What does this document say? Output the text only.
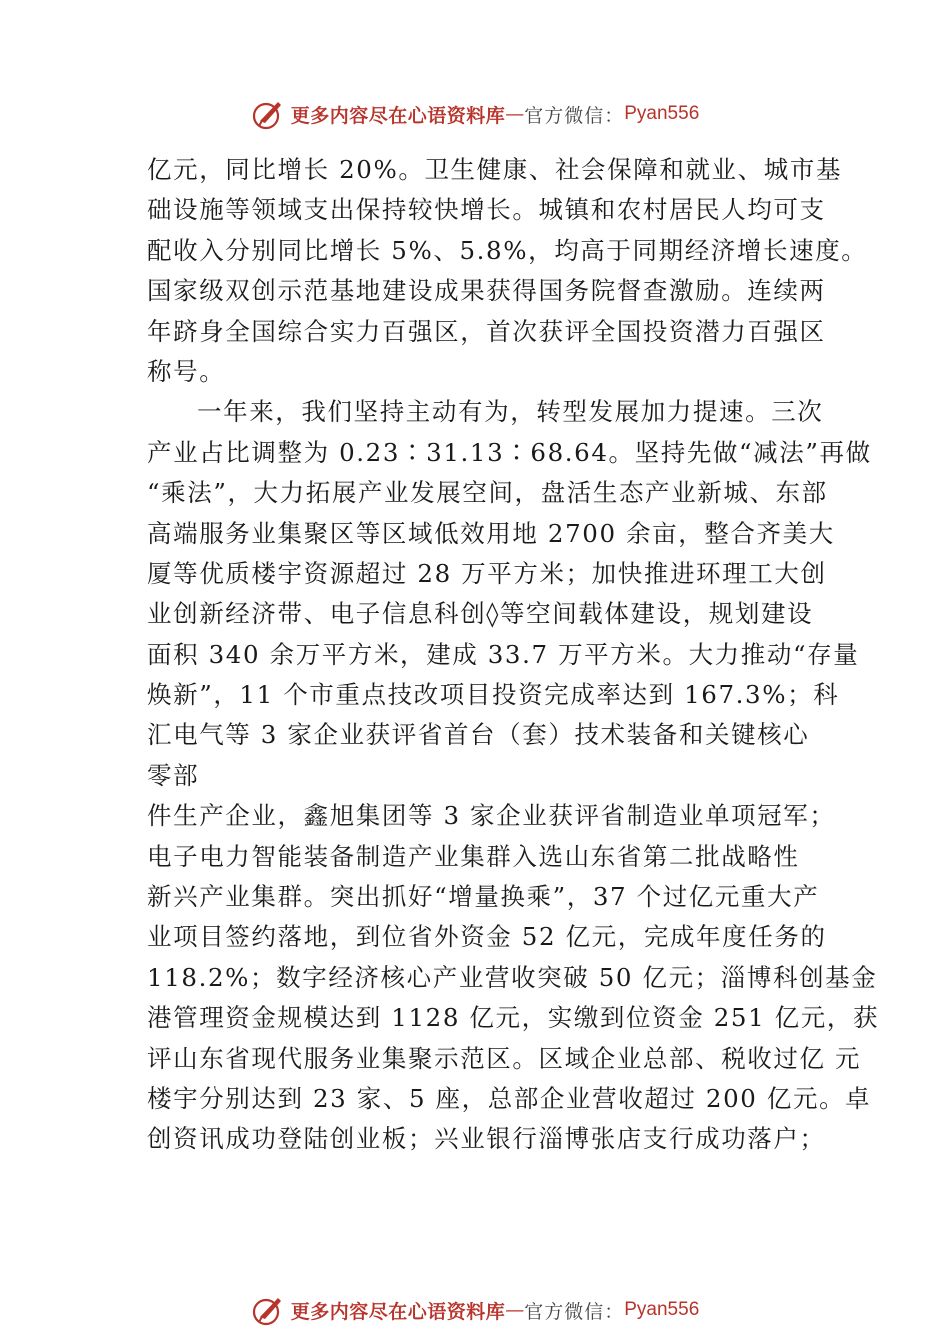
更多内容尽在心语资料库 — 官方微信： Pyan556
亿元，同比增长 20%。卫生健康、社会保障和就业、城市基
础设施等领域支出保持较快增长。城镇和农村居民人均可支
配收入分别同比增长 5%、5.8%，均高于同期经济增长速度。
国家级双创示范基地建设成果获得国务院督查激励。连续两
年跻身全国综合实力百强区，首次获评全国投资潜力百强区
称号。
一年来，我们坚持主动有为，转型发展加力提速。三次
产业占比调整为 0.23∶31.13∶68.64。坚持先做“减法”再做
“乘法”，大力拓展产业发展空间，盘活生态产业新城、东部
高端服务业集聚区等区域低效用地 2700 余亩，整合齐美大
厦等优质楼宇资源超过 28 万平方米；加快推进环理工大创
业创新经济带、电子信息科创◊等空间载体建设，规划建设
面积 340 余万平方米，建成 33.7 万平方米。大力推动“存量
焕新”，11 个市重点技改项目投资完成率达到 167.3%；科
汇电气等 3 家企业获评省首台（套）技术装备和关键核心
零部
件生产企业，鑫旭集团等 3 家企业获评省制造业单项冠军；
电子电力智能装备制造产业集群入选山东省第二批战略性
新兴产业集群。突出抓好“增量换乘”，37 个过亿元重大产
业项目签约落地，到位省外资金 52 亿元，完成年度任务的
118.2%；数字经济核心产业营收突破 50 亿元；淄博科创基金
港管理资金规模达到 1128 亿元，实缴到位资金 251 亿元，获
评山东省现代服务业集聚示范区。区域企业总部、税收过亿 元
楼宇分别达到 23 家、5 座，总部企业营收超过 200 亿元。卓
创资讯成功登陆创业板；兴业银行淄博张店支行成功落户；
更多内容尽在心语资料库 — 官方微信： Pyan556
